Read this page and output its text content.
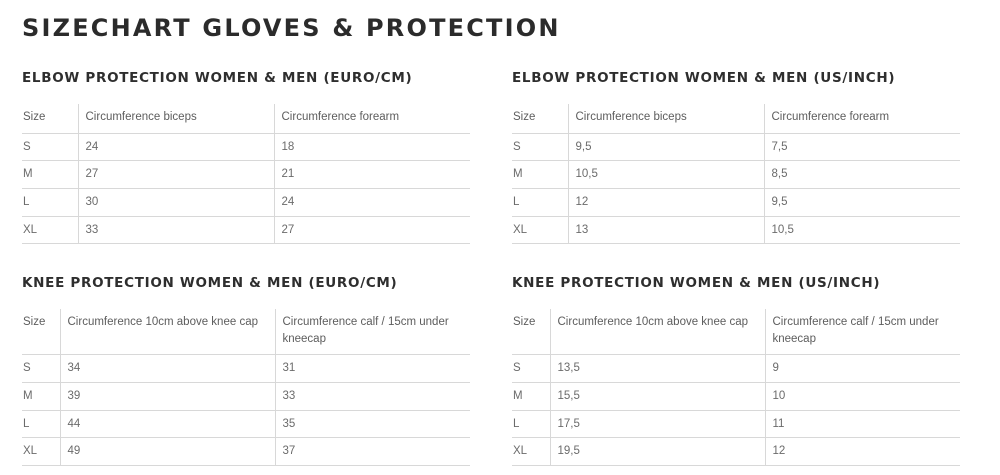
SIZECHART GLOVES & PROTECTION
ELBOW PROTECTION WOMEN & MEN (EURO/CM)
Size	Circumference biceps	Circumference forearm
S	24	18
M	27	21
L	30	24
XL	33	27
ELBOW PROTECTION WOMEN & MEN (US/INCH)
Size	Circumference biceps	Circumference forearm
S	9,5	7,5
M	10,5	8,5
L	12	9,5
XL	13	10,5
KNEE PROTECTION WOMEN & MEN (EURO/CM)
Size	Circumference 10cm above knee cap	Circumference calf / 15cm under kneecap
S	34	31
M	39	33
L	44	35
XL	49	37
KNEE PROTECTION WOMEN & MEN (US/INCH)
Size	Circumference 10cm above knee cap	Circumference calf / 15cm under kneecap
S	13,5	9
M	15,5	10
L	17,5	11
XL	19,5	12
